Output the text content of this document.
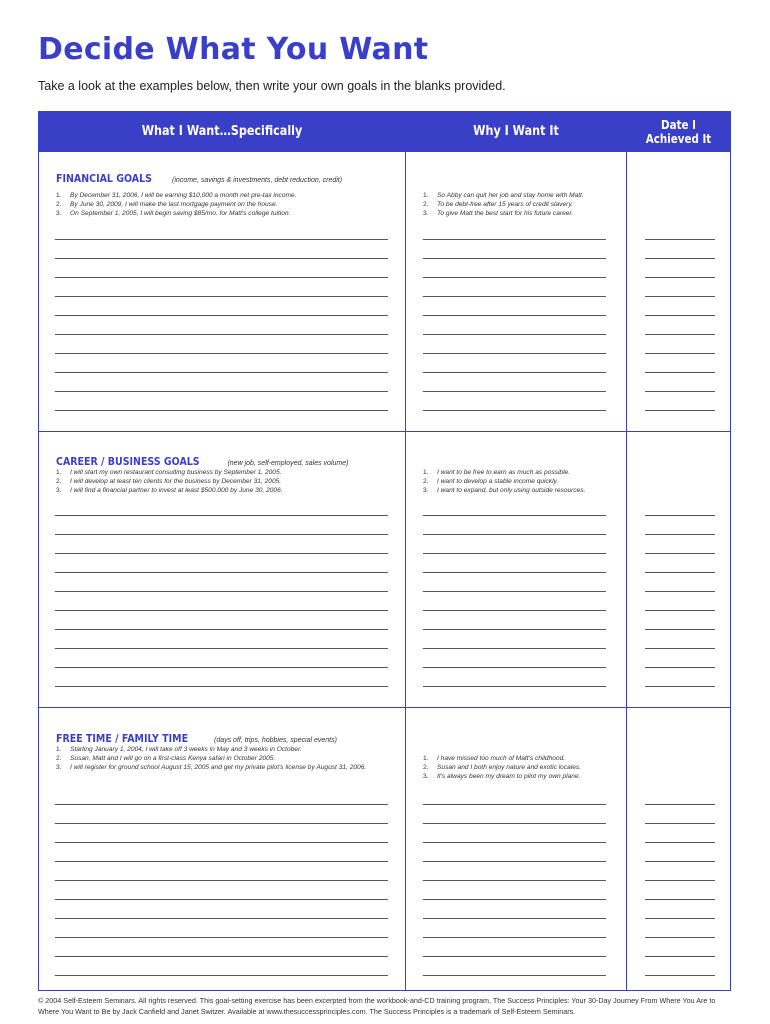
Decide What You Want
Take a look at the examples below, then write your own goals in the blanks provided.
What I Want…Specifically	Why I Want It	Date I Achieved It
FINANCIAL GOALS	(income, savings & investments, debt reduction, credit)
1. By December 31, 2006, I will be earning $10,000 a month net pre-tax income.
2. By June 30, 2009, I will make the last mortgage payment on the house.
3. On September 1, 2005, I will begin saving $85/mo. for Matt's college tuition.
1. So Abby can quit her job and stay home with Matt.
2. To be debt-free after 15 years of credit slavery.
3. To give Matt the best start for his future career.
CAREER / BUSINESS GOALS	(new job, self-employed, sales volume)
1. I will start my own restaurant consulting business by September 1, 2005.
2. I will develop at least ten clients for the business by December 31, 2005.
3. I will find a financial partner to invest at least $500,000 by June 30, 2006.
1. I want to be free to earn as much as possible.
2. I want to develop a stable income quickly.
3. I want to expand, but only using outside resources.
FREE TIME / FAMILY TIME	(days off, trips, hobbies, special events)
1. Starting January 1, 2004, I will take off 3 weeks in May and 3 weeks in October.
2. Susan, Matt and I will go on a first-class Kenya safari in October 2005.
3. I will register for ground school August 15, 2005 and get my private pilot's license by August 31, 2006.
1. I have missed too much of Matt's childhood.
2. Susan and I both enjoy nature and exotic locales.
3. It's always been my dream to pilot my own plane.
© 2004 Self-Esteem Seminars. All rights reserved. This goal-setting exercise has been excerpted from the workbook-and-CD training program, The Success Principles: Your 30-Day Journey From Where You Are to Where You Want to Be by Jack Canfield and Janet Switzer. Available at www.thesuccessprinciples.com. The Success Principles is a trademark of Self-Esteem Seminars.
